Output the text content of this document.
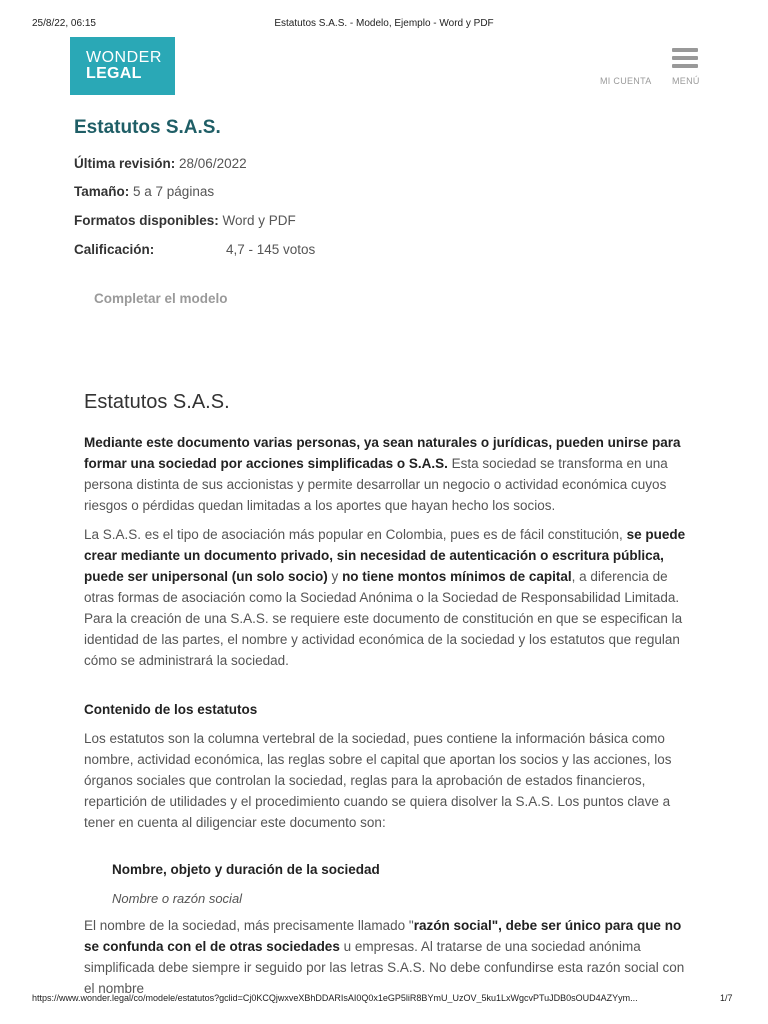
25/8/22, 06:15	Estatutos S.A.S. - Modelo, Ejemplo - Word y PDF
WONDER
LEGAL	MI CUENTA MENÚ
Estatutos S.A.S.
Última revisión: 28/06/2022
Tamaño: 5 a 7 páginas
Formatos disponibles: Word y PDF
Calificación:	4,7 - 145 votos
Completar el modelo
Estatutos S.A.S.

Mediante este documento varias personas, ya sean naturales o jurídicas, pueden unirse para formar una sociedad por acciones simplificadas o S.A.S. Esta sociedad se transforma en una persona distinta de sus accionistas y permite desarrollar un negocio o actividad económica cuyos riesgos o pérdidas quedan limitadas a los aportes que hayan hecho los socios.

La S.A.S. es el tipo de asociación más popular en Colombia, pues es de fácil constitución, se puede crear mediante un documento privado, sin necesidad de autenticación o escritura pública, puede ser unipersonal (un solo socio) y no tiene montos mínimos de capital, a diferencia de otras formas de asociación como la Sociedad Anónima o la Sociedad de Responsabilidad Limitada. Para la creación de una S.A.S. se requiere este documento de constitución en que se especifican la identidad de las partes, el nombre y actividad económica de la sociedad y los estatutos que regulan cómo se administrará la sociedad.

Contenido de los estatutos

Los estatutos son la columna vertebral de la sociedad, pues contiene la información básica como nombre, actividad económica, las reglas sobre el capital que aportan los socios y las acciones, los órganos sociales que controlan la sociedad, reglas para la aprobación de estados financieros, repartición de utilidades y el procedimiento cuando se quiera disolver la S.A.S. Los puntos clave a tener en cuenta al diligenciar este documento son:

Nombre, objeto y duración de la sociedad
Nombre o razón social

El nombre de la sociedad, más precisamente llamado "razón social", debe ser único para que no se confunda con el de otras sociedades u empresas. Al tratarse de una sociedad anónima simplificada debe siempre ir seguido por las letras S.A.S. No debe confundirse esta razón social con el nombre

https://www.wonder.legal/co/modele/estatutos?gclid=Cj0KCQjwxveXBhDDARIsAI0Q0x1eGP5liR8BYmU_UzOV_5ku1LxWgcvPTuJDB0sOUD4AZYym...	1/7
